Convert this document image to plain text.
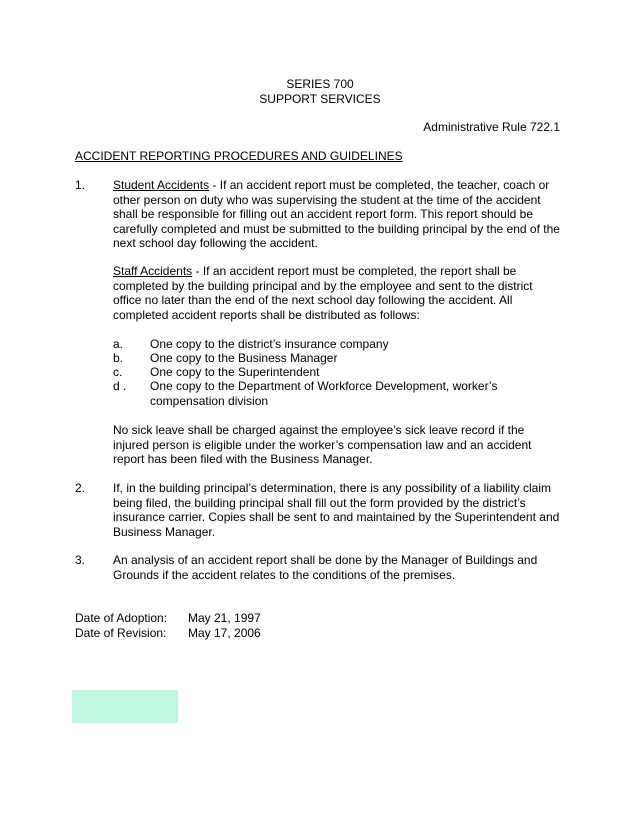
SERIES 700
SUPPORT SERVICES
Administrative Rule 722.1
ACCIDENT REPORTING PROCEDURES AND GUIDELINES
1. Student Accidents - If an accident report must be completed, the teacher, coach or other person on duty who was supervising the student at the time of the accident shall be responsible for filling out an accident report form. This report should be carefully completed and must be submitted to the building principal by the end of the next school day following the accident.
Staff Accidents - If an accident report must be completed, the report shall be completed by the building principal and by the employee and sent to the district office no later than the end of the next school day following the accident. All completed accident reports shall be distributed as follows:
a. One copy to the district’s insurance company
b. One copy to the Business Manager
c. One copy to the Superintendent
d . One copy to the Department of Workforce Development, worker’s compensation division
No sick leave shall be charged against the employee’s sick leave record if the injured person is eligible under the worker’s compensation law and an accident report has been filed with the Business Manager.
2. If, in the building principal’s determination, there is any possibility of a liability claim being filed, the building principal shall fill out the form provided by the district’s insurance carrier. Copies shall be sent to and maintained by the Superintendent and Business Manager.
3. An analysis of an accident report shall be done by the Manager of Buildings and Grounds if the accident relates to the conditions of the premises.
Date of Adoption: May 21, 1997
Date of Revision: May 17, 2006
